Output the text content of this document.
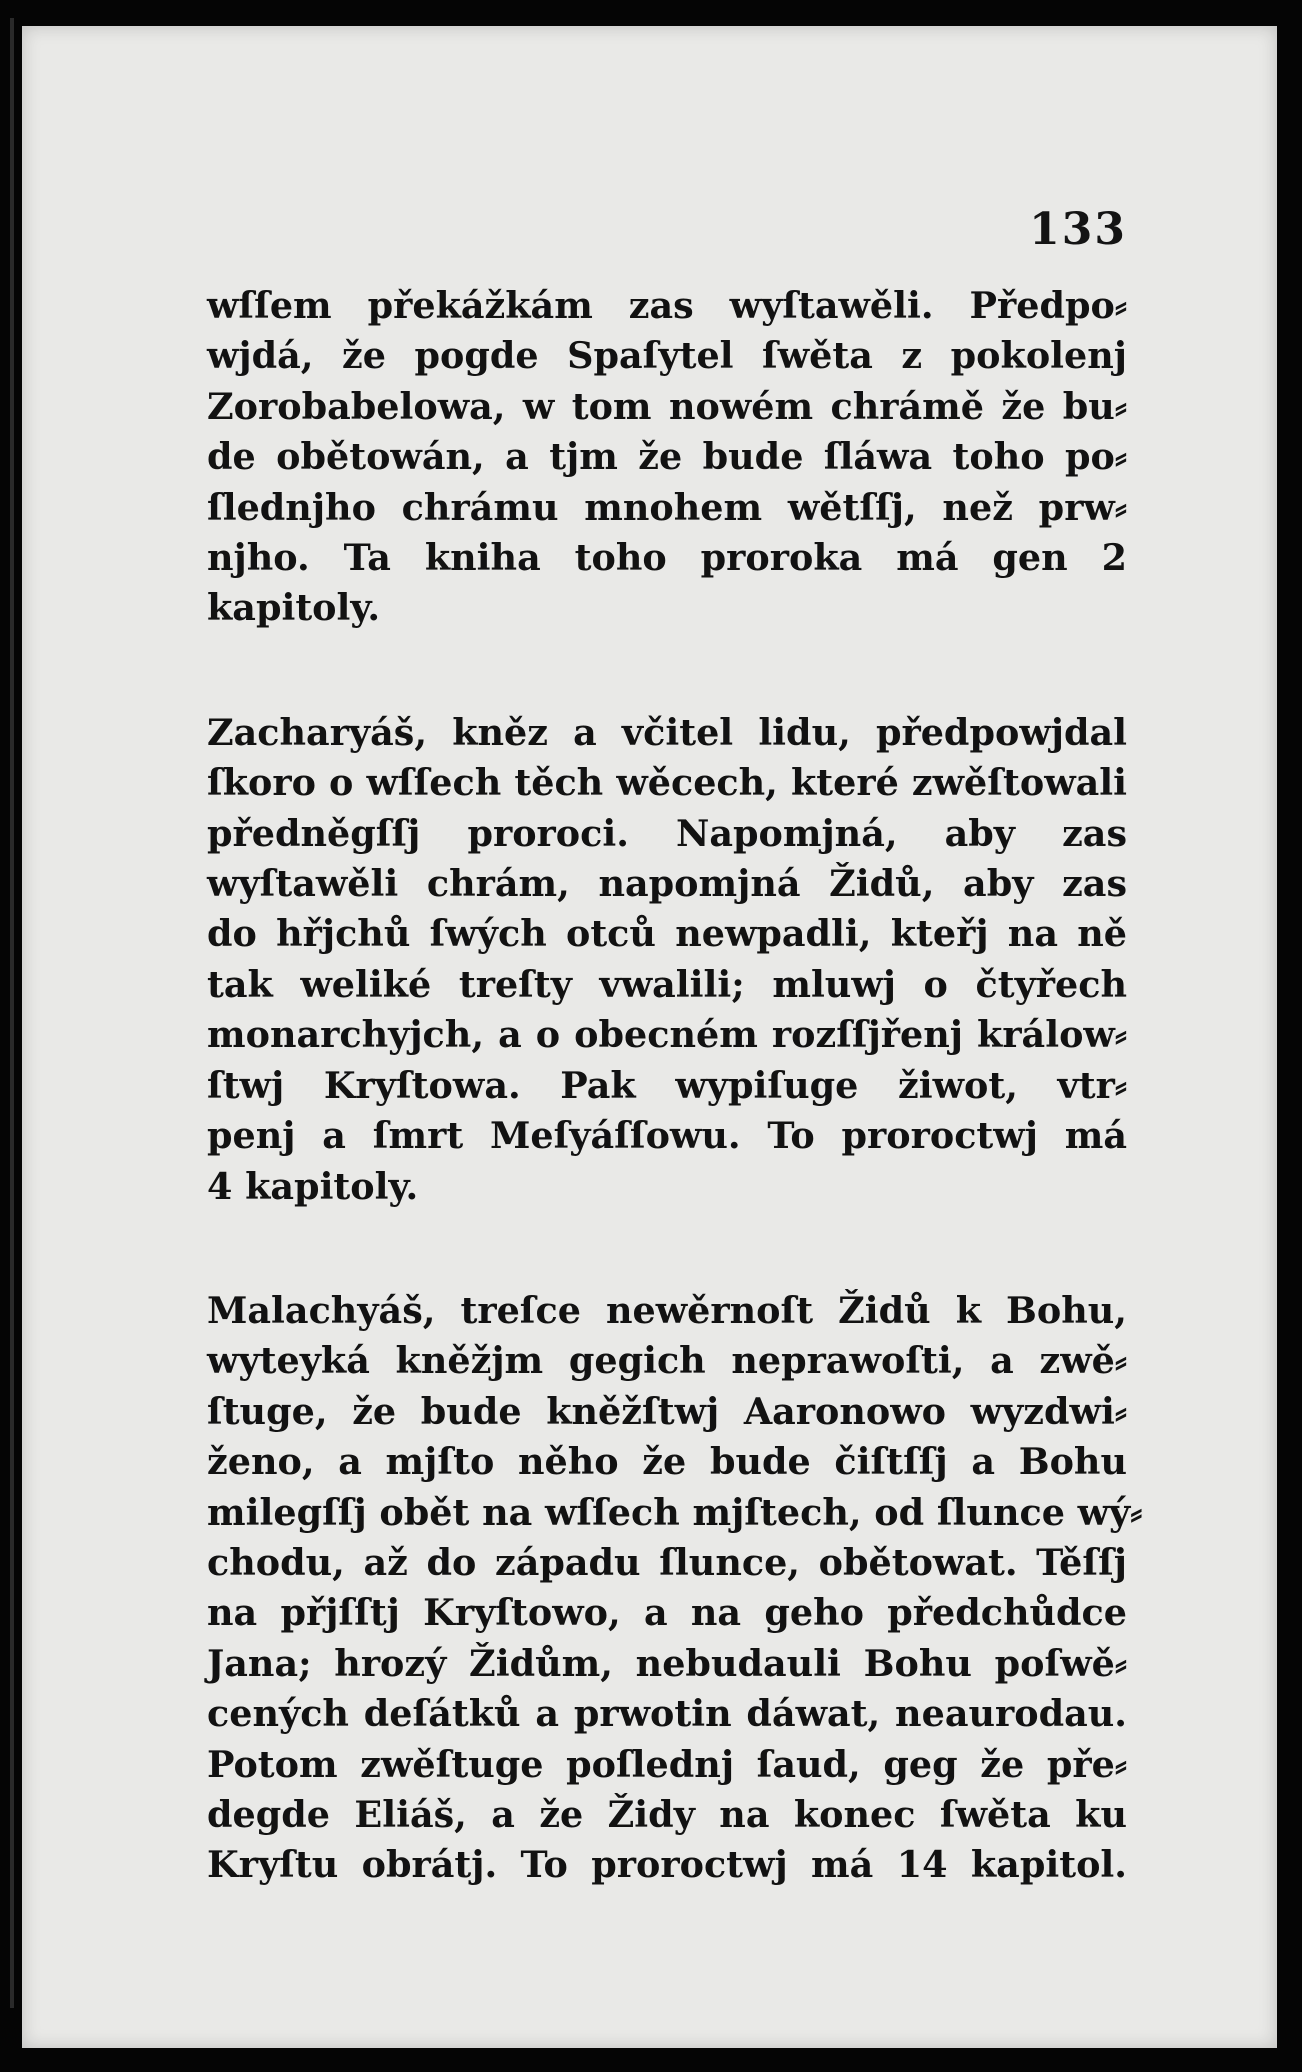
133
wſſem překážkám zas wyſtawěli. Předpo⸗
wjdá, že pogde Spaſytel ſwěta z pokolenj
Zorobabelowa, w tom nowém chrámě že bu⸗
de obětowán, a tjm že bude ſláwa toho po⸗
ſlednjho chrámu mnohem wětſſj, než prw⸗
njho. Ta kniha toho proroka má gen 2
kapitoly.
Zacharyáš, kněz a včitel lidu, předpowjdal
ſkoro o wſſech těch wěcech, které zwěſtowali
předněgſſj proroci. Napomjná, aby zas
wyſtawěli chrám, napomjná Židů, aby zas
do hřjchů ſwých otců newpadli, kteřj na ně
tak weliké treſty vwalili; mluwj o čtyřech
monarchyjch, a o obecném rozſſjřenj králow⸗
ſtwj Kryſtowa. Pak wypiſuge žiwot, vtr⸗
penj a ſmrt Meſyáſſowu. To proroctwj má
4 kapitoly.
Malachyáš, treſce newěrnoſt Židů k Bohu,
wyteyká kněžjm gegich neprawoſti, a zwě⸗
ſtuge, že bude kněžſtwj Aaronowo wyzdwi⸗
ženo, a mjſto něho že bude čiſtſſj a Bohu
milegſſj obět na wſſech mjſtech, od ſlunce wý⸗
chodu, až do západu ſlunce, obětowat. Těſſj
na přjſſtj Kryſtowo, a na geho předchůdce
Jana; hrozý Židům, nebudauli Bohu poſwě⸗
cených deſátků a prwotin dáwat, neaurodau.
Potom zwěſtuge poſlednj ſaud, geg že pře⸗
degde Eliáš, a že Židy na konec ſwěta ku
Kryſtu obrátj. To proroctwj má 14 kapitol.
